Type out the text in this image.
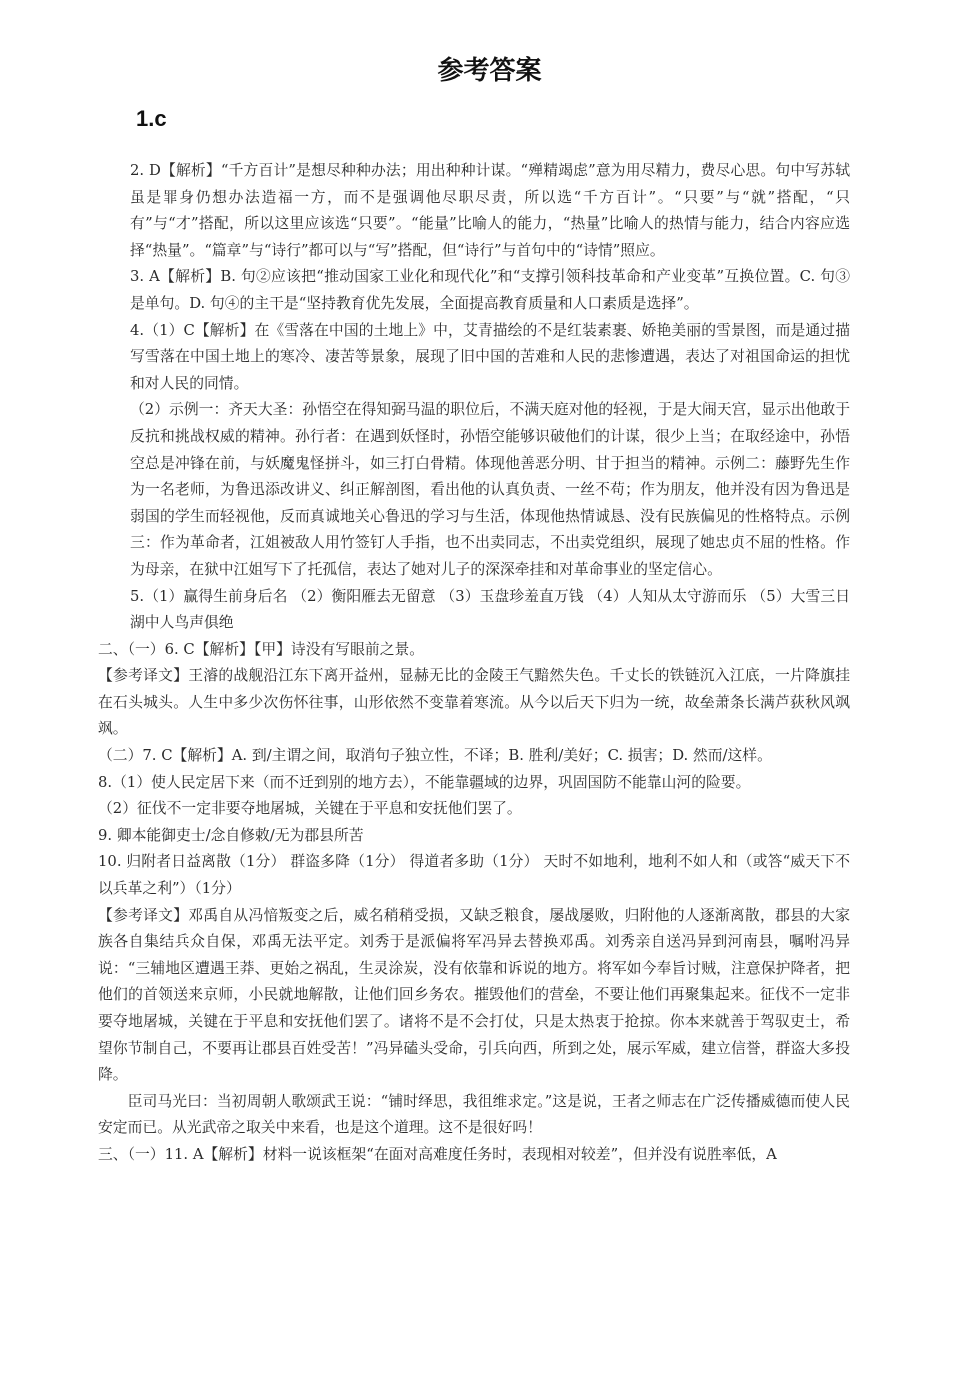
参考答案
1.c

2. D【解析】“千方百计”是想尽种种办法；用出种种计谋。“殚精竭虑”意为用尽精力，费尽心思。句中写苏轼虽是罪身仍想办法造福一方，而不是强调他尽职尽责，所以选“千方百计”。“只要”与“就”搭配，“只有”与“才”搭配，所以这里应该选“只要”。“能量”比喻人的能力，“热量”比喻人的热情与能力，结合内容应选择“热量”。“篇章”与“诗行”都可以与“写”搭配，但“诗行”与首句中的“诗情”照应。

3. A【解析】B. 句②应该把“推动国家工业化和现代化”和“支撑引领科技革命和产业变革”互换位置。C. 句③是单句。D. 句④的主干是“坚持教育优先发展，全面提高教育质量和人口素质是选择”。

4.（1）C【解析】在《雪落在中国的土地上》中，艾青描绘的不是红装素裹、娇艳美丽的雪景图，而是通过描写雪落在中国土地上的寒冷、凄苦等景象，展现了旧中国的苦难和人民的悲惨遭遇，表达了对祖国命运的担忧和对人民的同情。

（2）示例一：齐天大圣：孙悟空在得知弼马温的职位后，不满天庭对他的轻视，于是大闹天宫，显示出他敢于反抗和挑战权威的精神。孙行者：在遇到妖怪时，孙悟空能够识破他们的计谋，很少上当；在取经途中，孙悟空总是冲锋在前，与妖魔鬼怪拼斗，如三打白骨精。体现他善恶分明、甘于担当的精神。示例二：藤野先生作为一名老师，为鲁迅添改讲义、纠正解剖图，看出他的认真负责、一丝不苟；作为朋友，他并没有因为鲁迅是弱国的学生而轻视他，反而真诚地关心鲁迅的学习与生活，体现他热情诚恳、没有民族偏见的性格特点。示例三：作为革命者，江姐被敌人用竹签钉人手指，也不出卖同志，不出卖党组织，展现了她忠贞不屈的性格。作为母亲，在狱中江姐写下了托孤信，表达了她对儿子的深深牵挂和对革命事业的坚定信心。

5.（1）赢得生前身后名 （2）衡阳雁去无留意 （3）玉盘珍羞直万钱 （4）人知从太守游而乐 （5）大雪三日 湖中人鸟声俱绝

二、（一）6. C【解析】【甲】诗没有写眼前之景。

【参考译文】王濬的战舰沿江东下离开益州，显赫无比的金陵王气黯然失色。千丈长的铁链沉入江底，一片降旗挂在石头城头。人生中多少次伤怀往事，山形依然不变靠着寒流。从今以后天下归为一统，故垒萧条长满芦荻秋风飒飒。

（二）7. C【解析】A. 到/主谓之间，取消句子独立性，不译；B. 胜利/美好；C. 损害；D. 然而/这样。

8.（1）使人民定居下来（而不迁到别的地方去），不能靠疆域的边界，巩固国防不能靠山河的险要。

（2）征伐不一定非要夺地屠城，关键在于平息和安抚他们罢了。

9. 卿本能御吏士/念自修敕/无为郡县所苦

10. 归附者日益离散（1分） 群盗多降（1分） 得道者多助（1分） 天时不如地利，地利不如人和（或答“威天下不以兵革之利”）（1分）

【参考译文】邓禹自从冯愔叛变之后，威名稍稍受损，又缺乏粮食，屡战屡败，归附他的人逐渐离散，郡县的大家族各自集结兵众自保，邓禹无法平定。刘秀于是派偏将军冯异去替换邓禹。刘秀亲自送冯异到河南县，嘱咐冯异说：“三辅地区遭遇王莽、更始之祸乱，生灵涂炭，没有依靠和诉说的地方。将军如今奉旨讨贼，注意保护降者，把他们的首领送来京师，小民就地解散，让他们回乡务农。摧毁他们的营垒，不要让他们再聚集起来。征伐不一定非要夺地屠城，关键在于平息和安抚他们罢了。诸将不是不会打仗，只是太热衷于抢掠。你本来就善于驾驭吏士，希望你节制自己，不要再让郡县百姓受苦！”冯异磕头受命，引兵向西，所到之处，展示军威，建立信誉，群盗大多投降。

臣司马光曰：当初周朝人歌颂武王说：“铺时绎思，我徂维求定。”这是说，王者之师志在广泛传播威德而使人民安定而已。从光武帝之取关中来看，也是这个道理。这不是很好吗！

三、（一）11. A【解析】材料一说该框架“在面对高难度任务时，表现相对较差”，但并没有说胜率低，A
